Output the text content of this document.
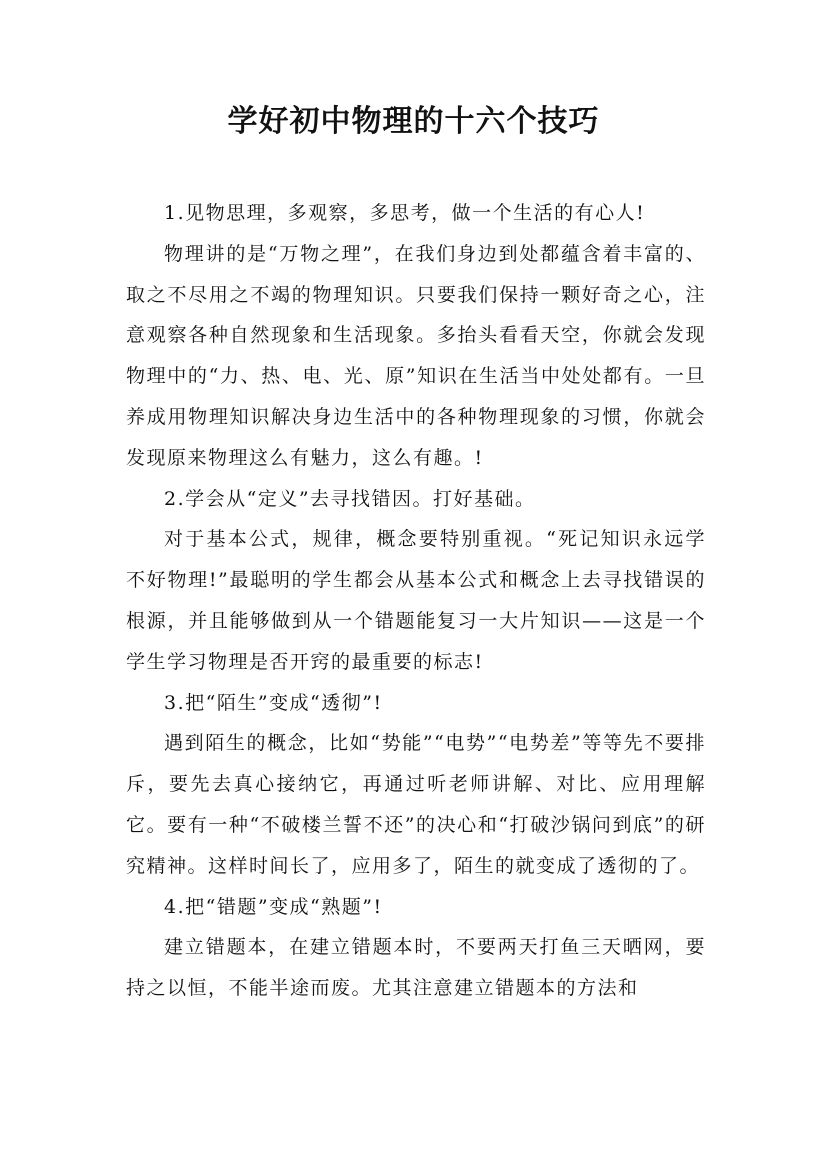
学好初中物理的十六个技巧

1.见物思理，多观察，多思考，做一个生活的有心人!

物理讲的是“万物之理”，在我们身边到处都蕴含着丰富的、取之不尽用之不竭的物理知识。只要我们保持一颗好奇之心，注意观察各种自然现象和生活现象。多抬头看看天空，你就会发现物理中的“力、热、电、光、原”知识在生活当中处处都有。一旦养成用物理知识解决身边生活中的各种物理现象的习惯，你就会发现原来物理这么有魅力，这么有趣。!

2.学会从“定义”去寻找错因。打好基础。

对于基本公式，规律，概念要特别重视。“死记知识永远学不好物理!”最聪明的学生都会从基本公式和概念上去寻找错误的根源，并且能够做到从一个错题能复习一大片知识——这是一个学生学习物理是否开窍的最重要的标志!

3.把“陌生”变成“透彻”!

遇到陌生的概念，比如“势能”“电势”“电势差”等等先不要排斥，要先去真心接纳它，再通过听老师讲解、对比、应用理解它。要有一种“不破楼兰誓不还”的决心和“打破沙锅问到底”的研究精神。这样时间长了，应用多了，陌生的就变成了透彻的了。

4.把“错题”变成“熟题”!

建立错题本，在建立错题本时，不要两天打鱼三天晒网，要持之以恒，不能半途而废。尤其注意建立错题本的方法和
